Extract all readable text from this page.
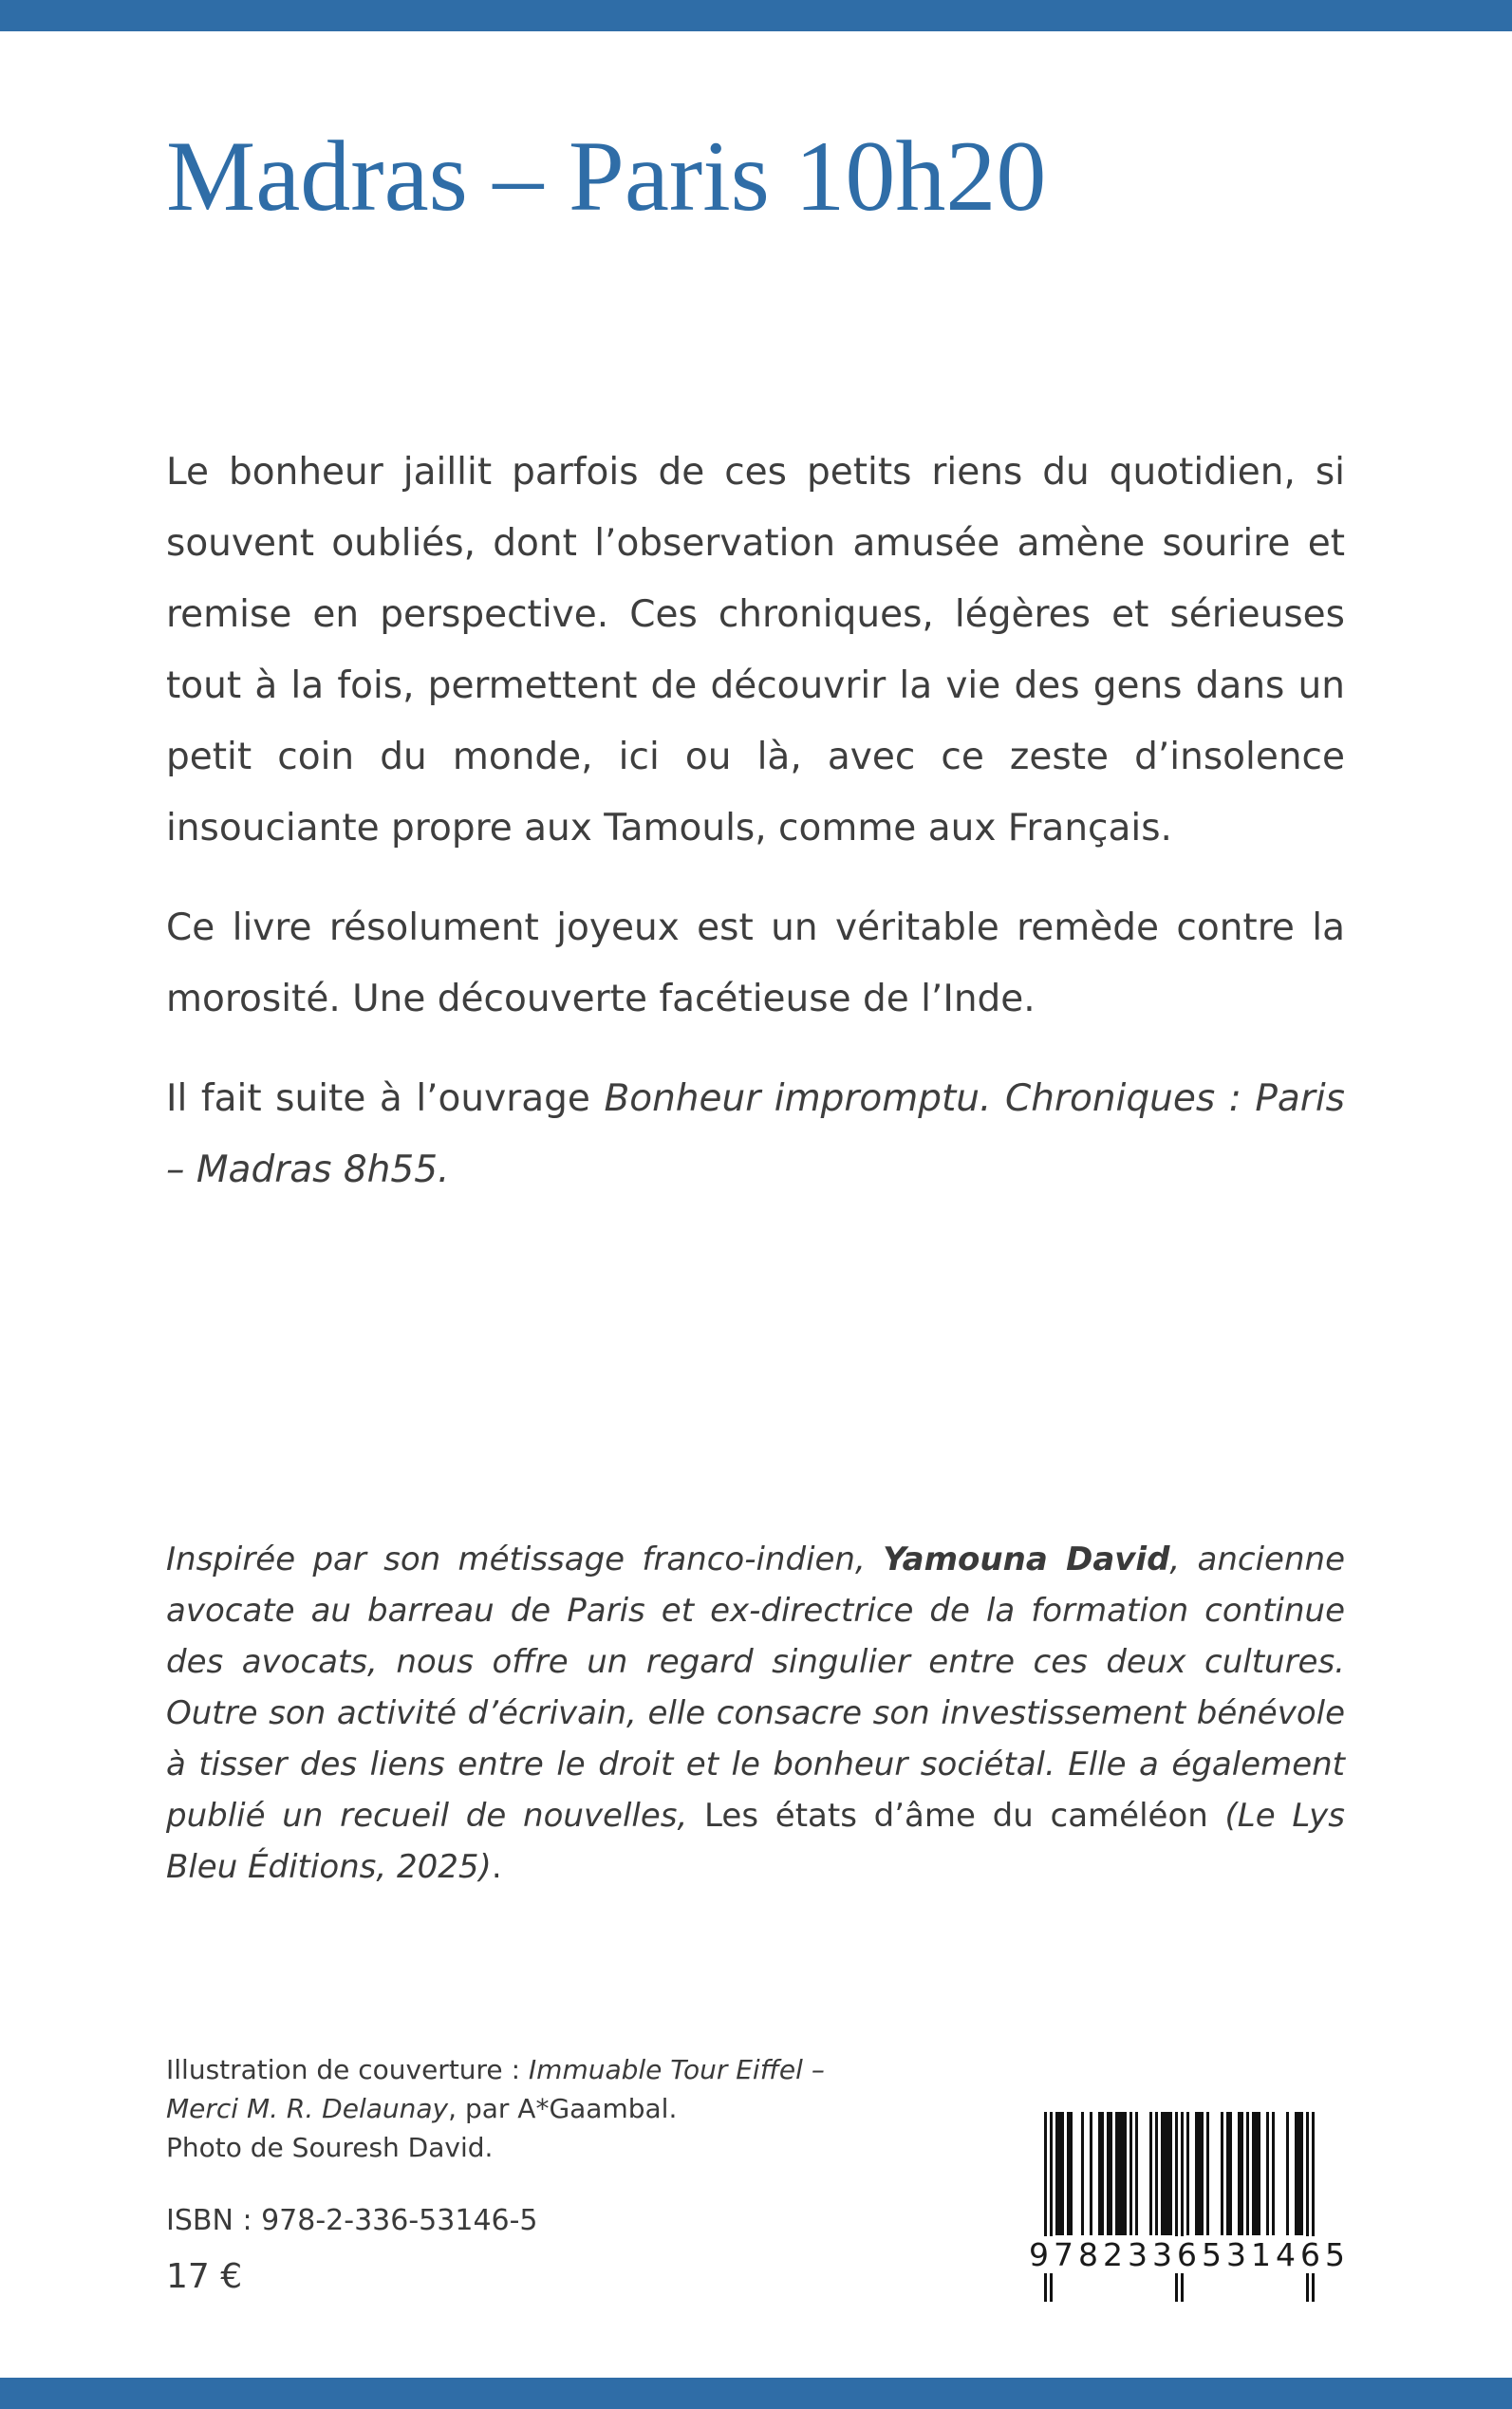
Madras – Paris 10h20

Le bonheur jaillit parfois de ces petits riens du quotidien, si souvent oubliés, dont l’observation amusée amène sourire et remise en perspective. Ces chroniques, légères et sérieuses tout à la fois, permettent de découvrir la vie des gens dans un petit coin du monde, ici ou là, avec ce zeste d’insolence insouciante propre aux Tamouls, comme aux Français.

Ce livre résolument joyeux est un véritable remède contre la morosité. Une découverte facétieuse de l’Inde.

Il fait suite à l’ouvrage Bonheur impromptu. Chroniques : Paris – Madras 8h55.

Inspirée par son métissage franco-indien, Yamouna David, ancienne avocate au barreau de Paris et ex-directrice de la formation continue des avocats, nous offre un regard singulier entre ces deux cultures. Outre son activité d’écrivain, elle consacre son investissement bénévole à tisser des liens entre le droit et le bonheur sociétal. Elle a également publié un recueil de nouvelles, Les états d’âme du caméléon (Le Lys Bleu Éditions, 2025).

Illustration de couverture : Immuable Tour Eiffel –
Merci M. R. Delaunay, par A*Gaambal.
Photo de Souresh David.
ISBN : 978-2-336-53146-5
17 €
9782336531465
